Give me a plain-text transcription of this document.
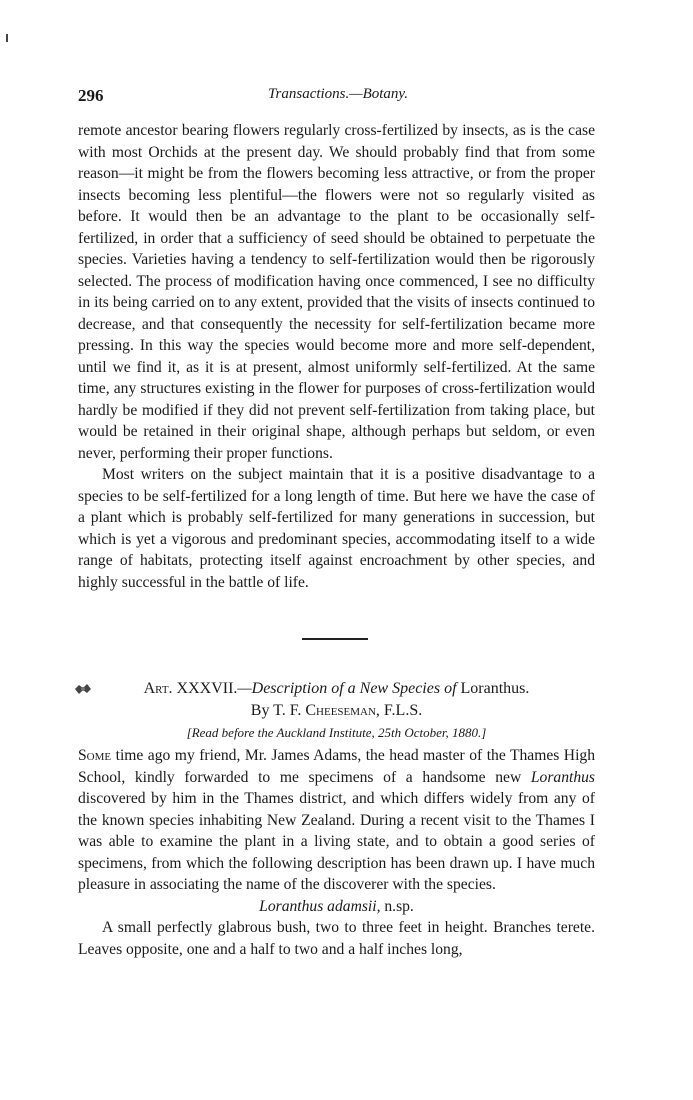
296	Transactions.—Botany.

remote ancestor bearing flowers regularly cross-fertilized by insects, as is the case with most Orchids at the present day. We should probably find that from some reason—it might be from the flowers becoming less attractive, or from the proper insects becoming less plentiful—the flowers were not so regularly visited as before. It would then be an advantage to the plant to be occasionally self-fertilized, in order that a sufficiency of seed should be obtained to perpetuate the species. Varieties having a tendency to self-fertilization would then be rigorously selected. The process of modification having once commenced, I see no difficulty in its being carried on to any extent, provided that the visits of insects continued to decrease, and that consequently the necessity for self-fertilization became more pressing. In this way the species would become more and more self-dependent, until we find it, as it is at present, almost uniformly self-fertilized. At the same time, any structures existing in the flower for purposes of cross-fertilization would hardly be modified if they did not prevent self-fertilization from taking place, but would be retained in their original shape, although perhaps but seldom, or even never, performing their proper functions.

Most writers on the subject maintain that it is a positive disadvantage to a species to be self-fertilized for a long length of time. But here we have the case of a plant which is probably self-fertilized for many generations in succession, but which is yet a vigorous and predominant species, accommodating itself to a wide range of habitats, protecting itself against encroachment by other species, and highly successful in the battle of life.

Art. XXXVII.—Description of a New Species of Loranthus.
By T. F. Cheeseman, F.L.S.
[Read before the Auckland Institute, 25th October, 1880.]

Some time ago my friend, Mr. James Adams, the head master of the Thames High School, kindly forwarded to me specimens of a handsome new Loranthus discovered by him in the Thames district, and which differs widely from any of the known species inhabiting New Zealand. During a recent visit to the Thames I was able to examine the plant in a living state, and to obtain a good series of specimens, from which the following description has been drawn up. I have much pleasure in associating the name of the discoverer with the species.

Loranthus adamsii, n.sp.

A small perfectly glabrous bush, two to three feet in height. Branches terete. Leaves opposite, one and a half to two and a half inches long,
